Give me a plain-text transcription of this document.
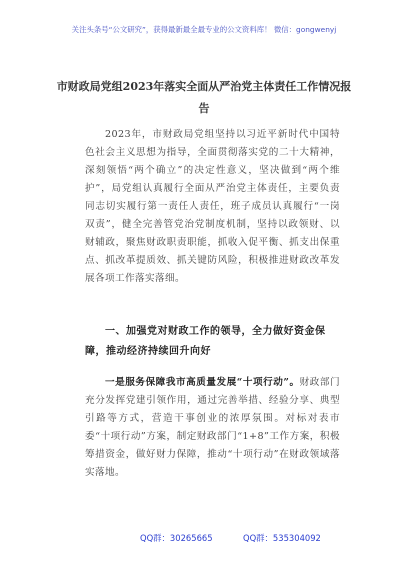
关注头条号“公文研究”，获得最新最全最专业的公文资料库！ 微信：gongwenyj
市财政局党组2023年落实全面从严治党主体责任工作情况报告
2023年，市财政局党组坚持以习近平新时代中国特色社会主义思想为指导，全面贯彻落实党的二十大精神，深刻领悟“两个确立”的决定性意义，坚决做到“两个维护”，局党组认真履行全面从严治党主体责任，主要负责同志切实履行第一责任人责任，班子成员认真履行“一岗双责”，健全完善管党治党制度机制，坚持以政领财、以财辅政，聚焦财政职责职能，抓收入促平衡、抓支出保重点、抓改革提质效、抓关键防风险，积极推进财政改革发展各项工作落实落细。
一、加强党对财政工作的领导，全力做好资金保障，推动经济持续回升向好
一是服务保障我市高质量发展“十项行动”。财政部门充分发挥党建引领作用，通过完善举措、经验分享、典型引路等方式，营造干事创业的浓厚氛围。对标对表市委“十项行动”方案，制定财政部门“1+8”工作方案，积极筹措资金，做好财力保障，推动“十项行动”在财政领域落实落地。
QQ群：30265665	QQ群：535304092
